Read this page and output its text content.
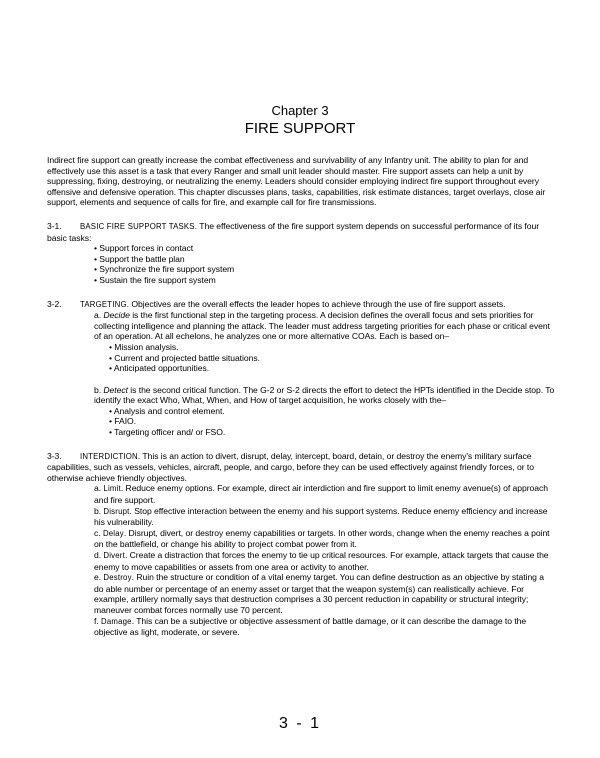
Chapter 3
FIRE SUPPORT

Indirect fire support can greatly increase the combat effectiveness and survivability of any Infantry unit. The ability to plan for and effectively use this asset is a task that every Ranger and small unit leader should master. Fire support assets can help a unit by suppressing, fixing, destroying, or neutralizing the enemy. Leaders should consider employing indirect fire support throughout every offensive and defensive operation. This chapter discusses plans, tasks, capabilities, risk estimate distances, target overlays, close air support, elements and sequence of calls for fire, and example call for fire transmissions.

3-1. BASIC FIRE SUPPORT TASKS. The effectiveness of the fire support system depends on successful performance of its four basic tasks:

• Support forces in contact

• Support the battle plan

• Synchronize the fire support system

• Sustain the fire support system

3-2. TARGETING. Objectives are the overall effects the leader hopes to achieve through the use of fire support assets.

a. Decide is the first functional step in the targeting process. A decision defines the overall focus and sets priorities for collecting intelligence and planning the attack. The leader must address targeting priorities for each phase or critical event of an operation. At all echelons, he analyzes one or more alternative COAs. Each is based on–

• Mission analysis.

• Current and projected battle situations.

• Anticipated opportunities.

b. Detect is the second critical function. The G-2 or S-2 directs the effort to detect the HPTs identified in the Decide stop. To identify the exact Who, What, When, and How of target acquisition, he works closely with the–

• Analysis and control element.

• FAIO.

• Targeting officer and/ or FSO.

3-3. INTERDICTION. This is an action to divert, disrupt, delay, intercept, board, detain, or destroy the enemy's military surface capabilities, such as vessels, vehicles, aircraft, people, and cargo, before they can be used effectively against friendly forces, or to otherwise achieve friendly objectives.

a. Limit. Reduce enemy options. For example, direct air interdiction and fire support to limit enemy avenue(s) of approach and fire support.

b. Disrupt. Stop effective interaction between the enemy and his support systems. Reduce enemy efficiency and increase his vulnerability.

c. Delay. Disrupt, divert, or destroy enemy capabilities or targets. In other words, change when the enemy reaches a point on the battlefield, or change his ability to project combat power from it.

d. Divert. Create a distraction that forces the enemy to tie up critical resources. For example, attack targets that cause the enemy to move capabilities or assets from one area or activity to another.

e. Destroy. Ruin the structure or condition of a vital enemy target. You can define destruction as an objective by stating a do able number or percentage of an enemy asset or target that the weapon system(s) can realistically achieve. For example, artillery normally says that destruction comprises a 30 percent reduction in capability or structural integrity; maneuver combat forces normally use 70 percent.

f. Damage. This can be a subjective or objective assessment of battle damage, or it can describe the damage to the objective as light, moderate, or severe.

3 - 1
